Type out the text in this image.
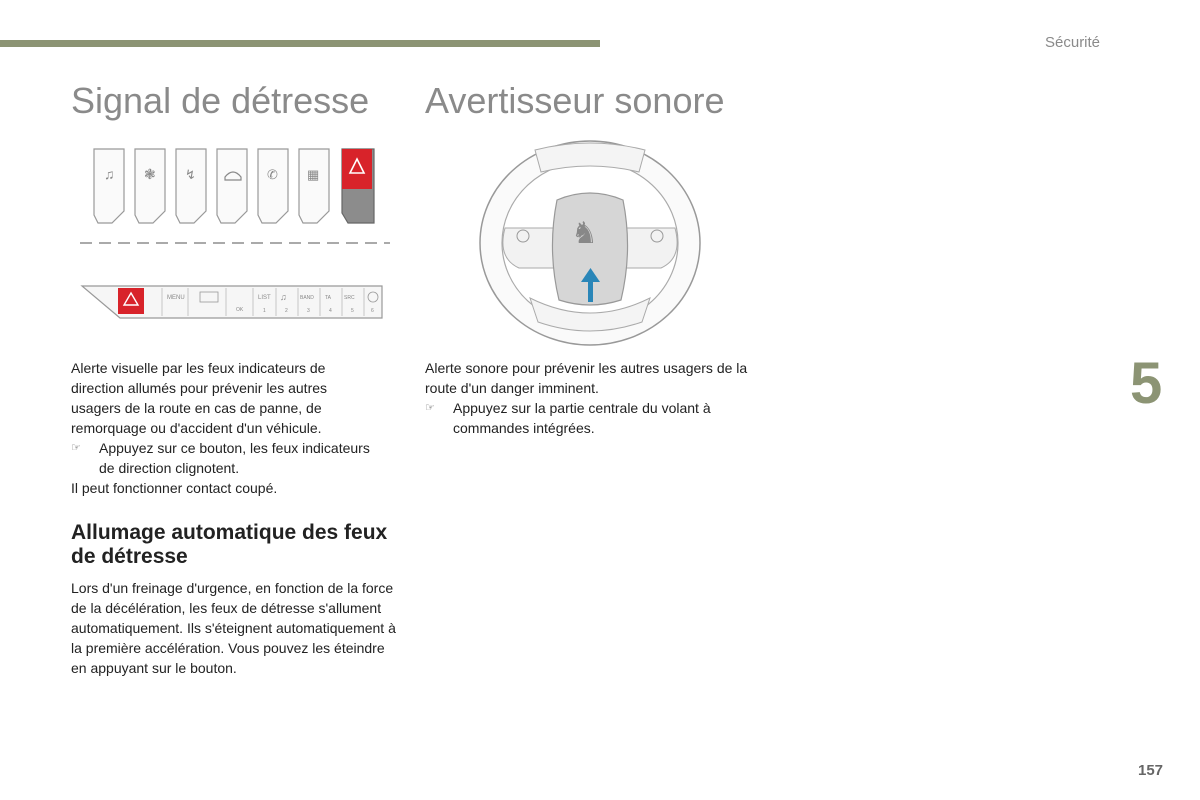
Sécurité
Signal de détresse Avertisseur sonore
♫ ❃ ↯	✆ ▦
MENU
OK
LIST ♫	BAND TA	SRC
1	2	3	4	5	6
♞

Alerte visuelle par les feux indicateurs de direction allumés pour prévenir les autres usagers de la route en cas de panne, de remorquage ou d'accident d'un véhicule.

☞	Appuyez sur ce bouton, les feux indicateurs de direction clignotent.

Il peut fonctionner contact coupé.

Allumage automatique des feux de détresse

Lors d'un freinage d'urgence, en fonction de la force de la décélération, les feux de détresse s'allument automatiquement. Ils s'éteignent automatiquement à la première accélération. Vous pouvez les éteindre en appuyant sur le bouton.

Alerte sonore pour prévenir les autres usagers de la route d'un danger imminent.

☞	Appuyez sur la partie centrale du volant à commandes intégrées.
5
157
